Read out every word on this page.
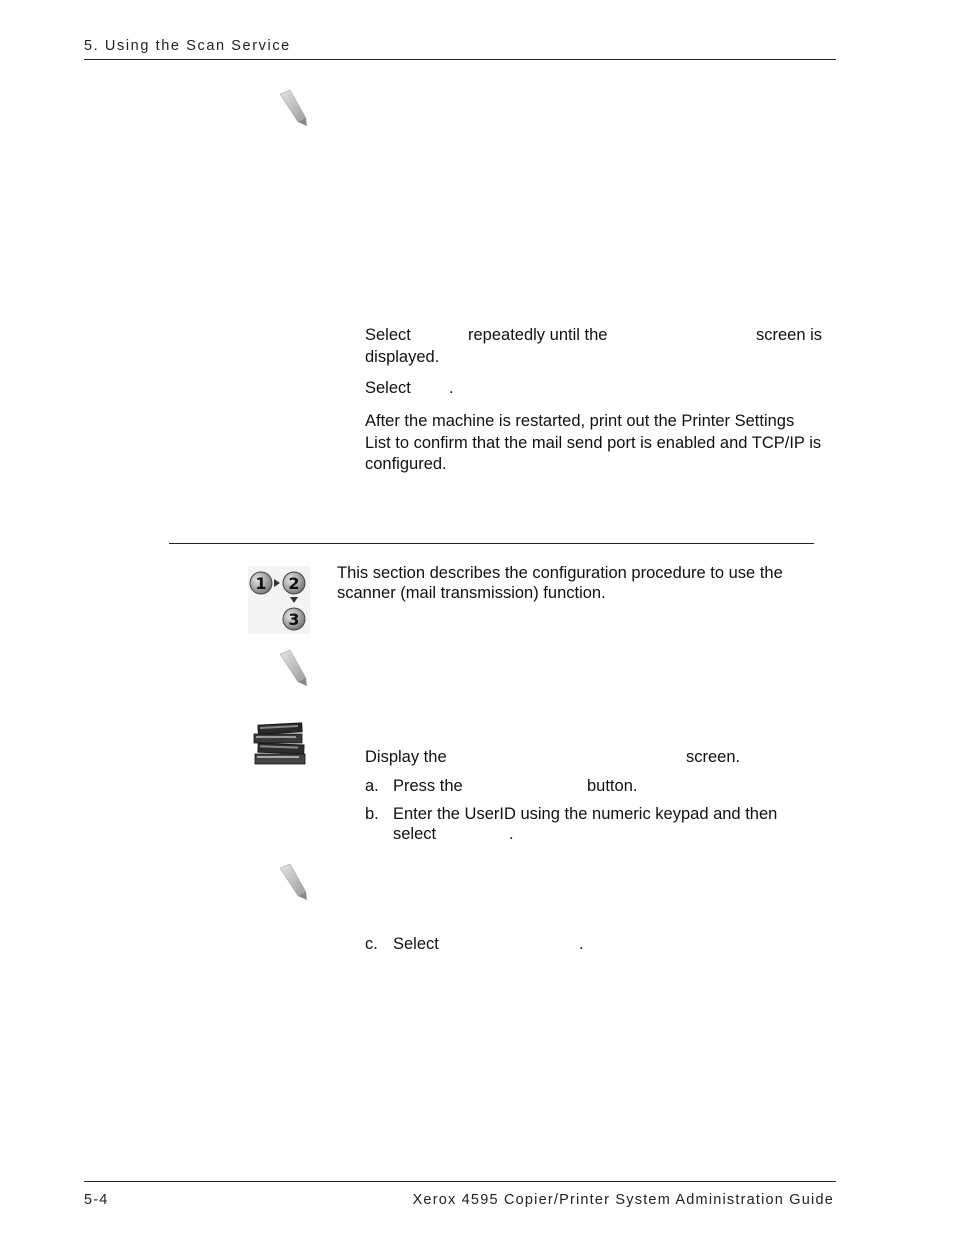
5. Using the Scan Service
Select	repeatedly until the	screen is
displayed.
Select .
After the machine is restarted, print out the Printer Settings
List to confirm that the mail send port is enabled and TCP/IP is
configured.
1 2
3
This section describes the configuration procedure to use the
scanner (mail transmission) function.
Display the	screen.
a. Press the	button.
b. Enter the UserID using the numeric keypad and then
select	.
c. Select	.
5-4	Xerox 4595 Copier/Printer System Administration Guide
